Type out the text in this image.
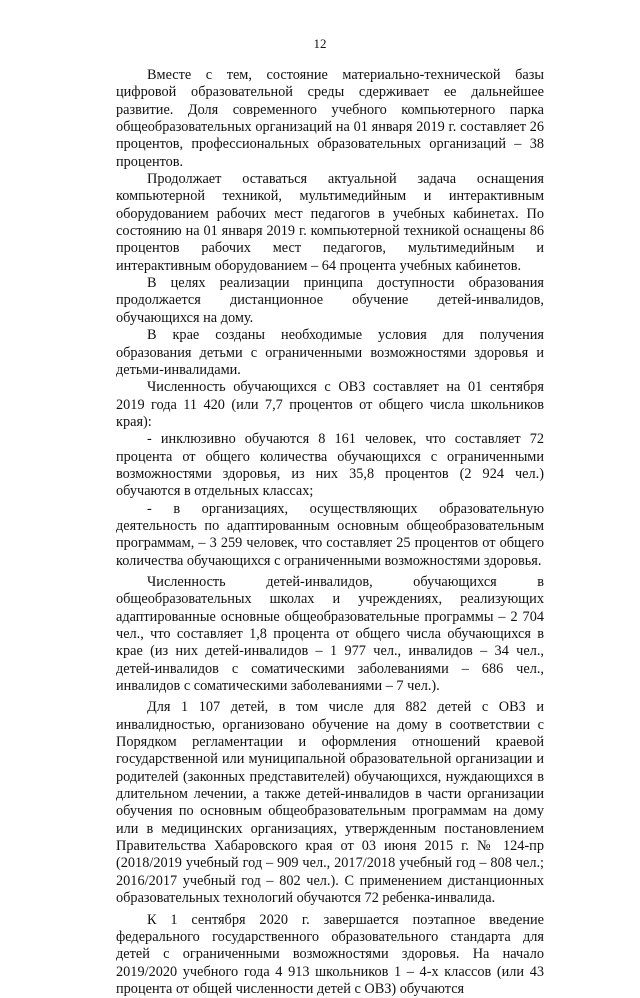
12

Вместе с тем, состояние материально-технической базы цифровой образовательной среды сдерживает ее дальнейшее развитие. Доля современного учебного компьютерного парка общеобразовательных организаций на 01 января 2019 г. составляет 26 процентов, профессиональных образовательных организаций – 38 процентов.

Продолжает оставаться актуальной задача оснащения компьютерной техникой, мультимедийным и интерактивным оборудованием рабочих мест педагогов в учебных кабинетах. По состоянию на 01 января 2019 г. компьютерной техникой оснащены 86 процентов рабочих мест педагогов, мультимедийным и интерактивным оборудованием – 64 процента учебных кабинетов.

В целях реализации принципа доступности образования продолжается дистанционное обучение детей-инвалидов, обучающихся на дому.

В крае созданы необходимые условия для получения образования детьми с ограниченными возможностями здоровья и детьми-инвалидами.

Численность обучающихся с ОВЗ составляет на 01 сентября 2019 года 11 420 (или 7,7 процентов от общего числа школьников края):

- инклюзивно обучаются 8 161 человек, что составляет 72 процента от общего количества обучающихся с ограниченными возможностями здоровья, из них 35,8 процентов (2 924 чел.) обучаются в отдельных классах;

- в организациях, осуществляющих образовательную деятельность по адаптированным основным общеобразовательным программам, – 3 259 человек, что составляет 25 процентов от общего количества обучающихся с ограниченными возможностями здоровья.

Численность детей-инвалидов, обучающихся в общеобразовательных школах и учреждениях, реализующих адаптированные основные общеобразовательные программы – 2 704 чел., что составляет 1,8 процента от общего числа обучающихся в крае (из них детей-инвалидов – 1 977 чел., инвалидов – 34 чел., детей-инвалидов с соматическими заболеваниями – 686 чел., инвалидов с соматическими заболеваниями – 7 чел.).

Для 1 107 детей, в том числе для 882 детей с ОВЗ и инвалидностью, организовано обучение на дому в соответствии с Порядком регламентации и оформления отношений краевой государственной или муниципальной образовательной организации и родителей (законных представителей) обучающихся, нуждающихся в длительном лечении, а также детей-инвалидов в части организации обучения по основным общеобразовательным программам на дому или в медицинских организациях, утвержденным постановлением Правительства Хабаровского края от 03 июня 2015 г. № 124-пр (2018/2019 учебный год – 909 чел., 2017/2018 учебный год – 808 чел.; 2016/2017 учебный год – 802 чел.). С применением дистанционных образовательных технологий обучаются 72 ребенка-инвалида.

К 1 сентября 2020 г. завершается поэтапное введение федерального государственного образовательного стандарта для детей с ограниченными возможностями здоровья. На начало 2019/2020 учебного года 4 913 школьников 1 – 4-х классов (или 43 процента от общей численности детей с ОВЗ) обучаются
